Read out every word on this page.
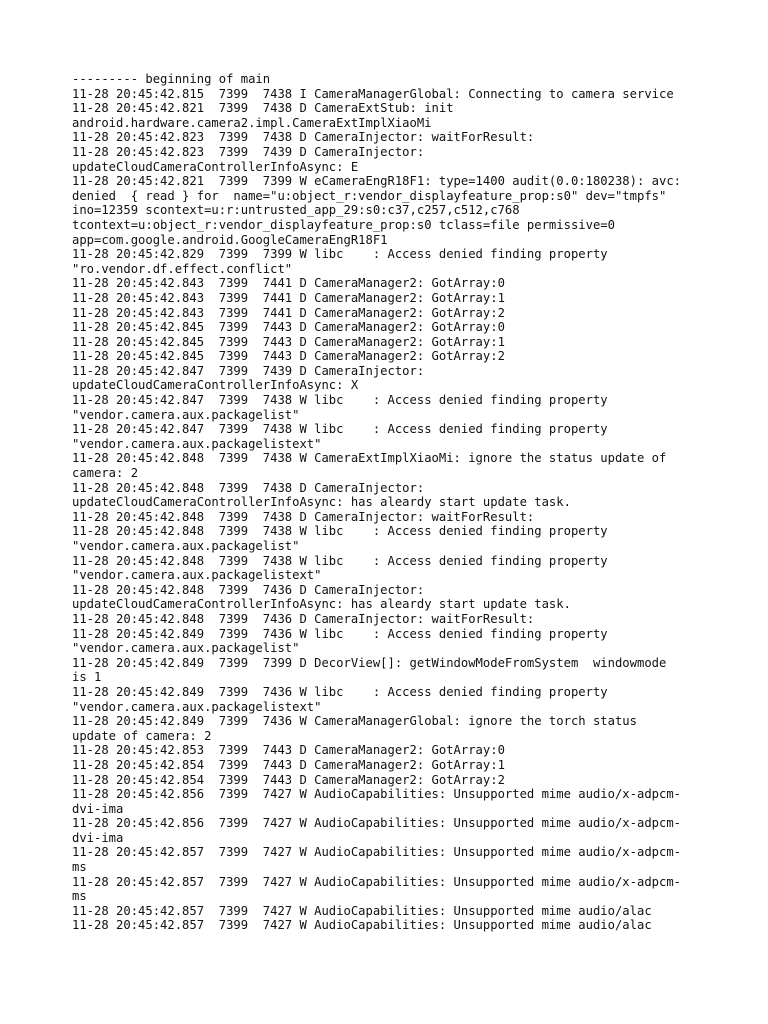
--------- beginning of main
11-28 20:45:42.815  7399  7438 I CameraManagerGlobal: Connecting to camera service
11-28 20:45:42.821  7399  7438 D CameraExtStub: init
android.hardware.camera2.impl.CameraExtImplXiaoMi
11-28 20:45:42.823  7399  7438 D CameraInjector: waitForResult:
11-28 20:45:42.823  7399  7439 D CameraInjector:
updateCloudCameraControllerInfoAsync: E
11-28 20:45:42.821  7399  7399 W eCameraEngR18F1: type=1400 audit(0.0:180238): avc:
denied  { read } for  name="u:object_r:vendor_displayfeature_prop:s0" dev="tmpfs"
ino=12359 scontext=u:r:untrusted_app_29:s0:c37,c257,c512,c768
tcontext=u:object_r:vendor_displayfeature_prop:s0 tclass=file permissive=0
app=com.google.android.GoogleCameraEngR18F1
11-28 20:45:42.829  7399  7399 W libc    : Access denied finding property
"ro.vendor.df.effect.conflict"
11-28 20:45:42.843  7399  7441 D CameraManager2: GotArray:0
11-28 20:45:42.843  7399  7441 D CameraManager2: GotArray:1
11-28 20:45:42.843  7399  7441 D CameraManager2: GotArray:2
11-28 20:45:42.845  7399  7443 D CameraManager2: GotArray:0
11-28 20:45:42.845  7399  7443 D CameraManager2: GotArray:1
11-28 20:45:42.845  7399  7443 D CameraManager2: GotArray:2
11-28 20:45:42.847  7399  7439 D CameraInjector:
updateCloudCameraControllerInfoAsync: X
11-28 20:45:42.847  7399  7438 W libc    : Access denied finding property
"vendor.camera.aux.packagelist"
11-28 20:45:42.847  7399  7438 W libc    : Access denied finding property
"vendor.camera.aux.packagelistext"
11-28 20:45:42.848  7399  7438 W CameraExtImplXiaoMi: ignore the status update of
camera: 2
11-28 20:45:42.848  7399  7438 D CameraInjector:
updateCloudCameraControllerInfoAsync: has aleardy start update task.
11-28 20:45:42.848  7399  7438 D CameraInjector: waitForResult:
11-28 20:45:42.848  7399  7438 W libc    : Access denied finding property
"vendor.camera.aux.packagelist"
11-28 20:45:42.848  7399  7438 W libc    : Access denied finding property
"vendor.camera.aux.packagelistext"
11-28 20:45:42.848  7399  7436 D CameraInjector:
updateCloudCameraControllerInfoAsync: has aleardy start update task.
11-28 20:45:42.848  7399  7436 D CameraInjector: waitForResult:
11-28 20:45:42.849  7399  7436 W libc    : Access denied finding property
"vendor.camera.aux.packagelist"
11-28 20:45:42.849  7399  7399 D DecorView[]: getWindowModeFromSystem  windowmode
is 1
11-28 20:45:42.849  7399  7436 W libc    : Access denied finding property
"vendor.camera.aux.packagelistext"
11-28 20:45:42.849  7399  7436 W CameraManagerGlobal: ignore the torch status
update of camera: 2
11-28 20:45:42.853  7399  7443 D CameraManager2: GotArray:0
11-28 20:45:42.854  7399  7443 D CameraManager2: GotArray:1
11-28 20:45:42.854  7399  7443 D CameraManager2: GotArray:2
11-28 20:45:42.856  7399  7427 W AudioCapabilities: Unsupported mime audio/x-adpcm-
dvi-ima
11-28 20:45:42.856  7399  7427 W AudioCapabilities: Unsupported mime audio/x-adpcm-
dvi-ima
11-28 20:45:42.857  7399  7427 W AudioCapabilities: Unsupported mime audio/x-adpcm-
ms
11-28 20:45:42.857  7399  7427 W AudioCapabilities: Unsupported mime audio/x-adpcm-
ms
11-28 20:45:42.857  7399  7427 W AudioCapabilities: Unsupported mime audio/alac
11-28 20:45:42.857  7399  7427 W AudioCapabilities: Unsupported mime audio/alac
